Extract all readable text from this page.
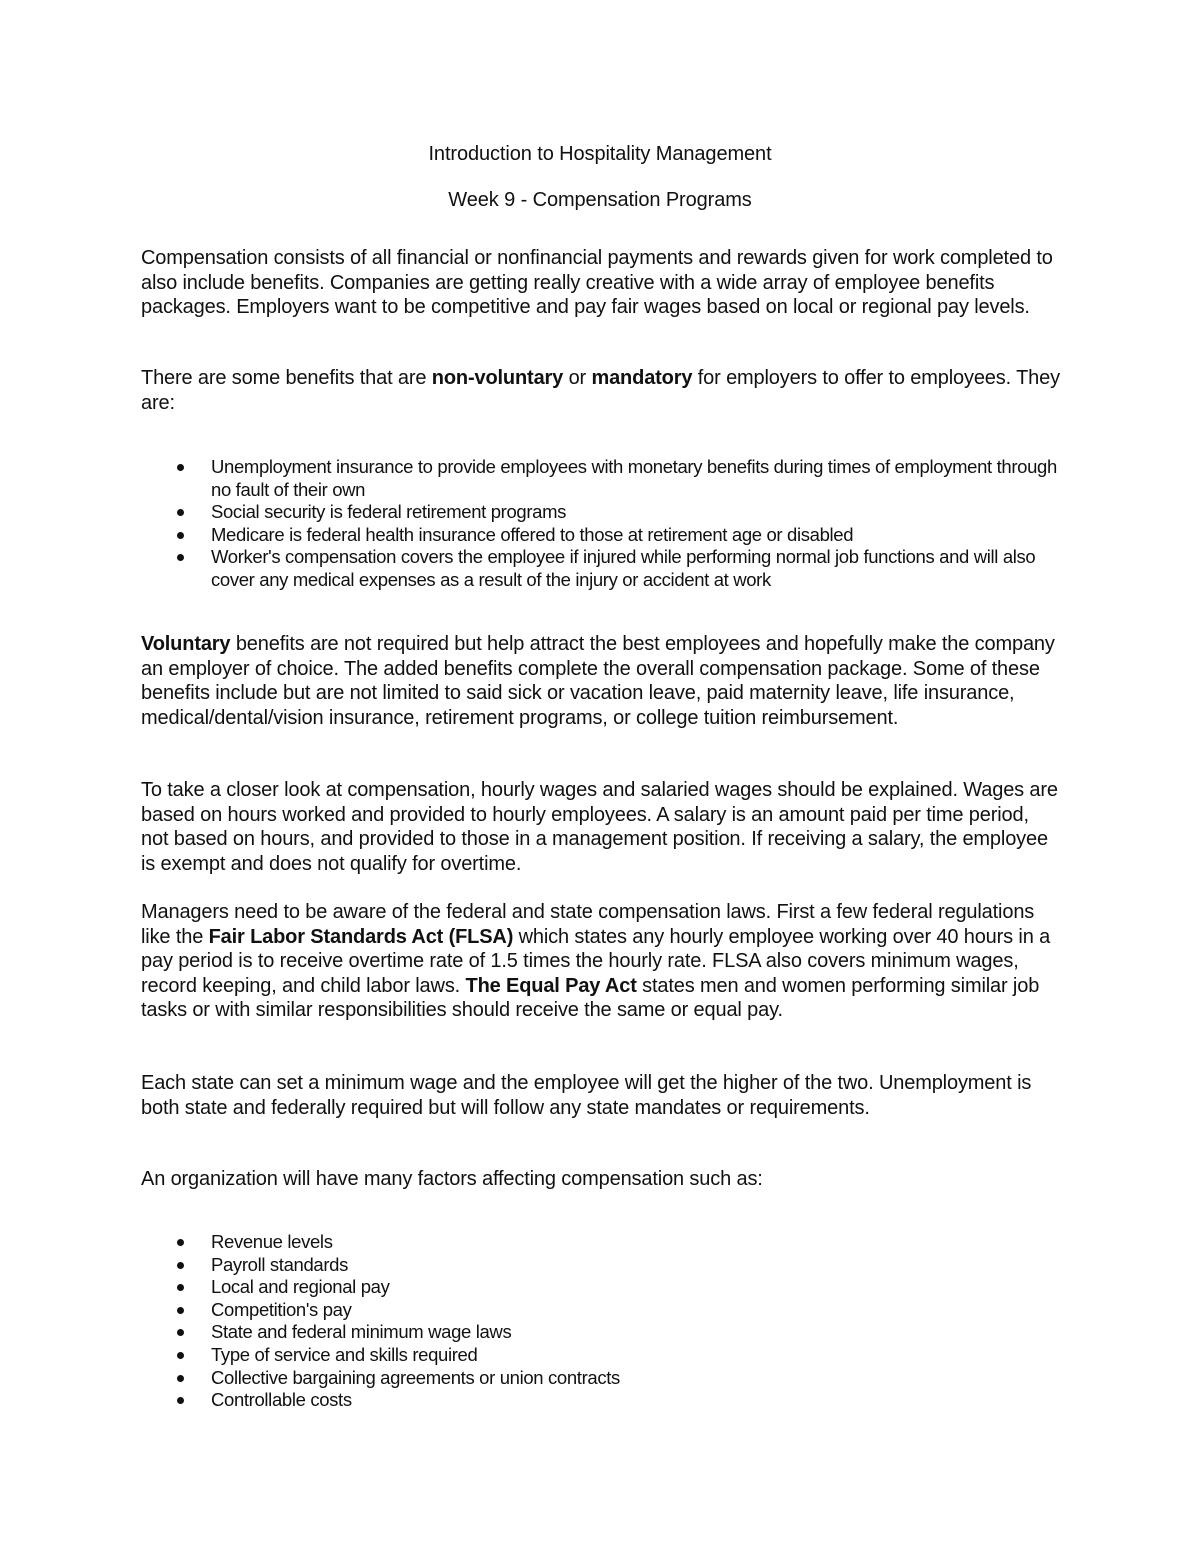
Introduction to Hospitality Management
Week 9 - Compensation Programs

Compensation consists of all financial or nonfinancial payments and rewards given for work completed to also include benefits. Companies are getting really creative with a wide array of employee benefits packages. Employers want to be competitive and pay fair wages based on local or regional pay levels.

There are some benefits that are non-voluntary or mandatory for employers to offer to employees. They are:

Unemployment insurance to provide employees with monetary benefits during times of employment through no fault of their own
Social security is federal retirement programs
Medicare is federal health insurance offered to those at retirement age or disabled
Worker's compensation covers the employee if injured while performing normal job functions and will also cover any medical expenses as a result of the injury or accident at work

Voluntary benefits are not required but help attract the best employees and hopefully make the company an employer of choice. The added benefits complete the overall compensation package. Some of these benefits include but are not limited to said sick or vacation leave, paid maternity leave, life insurance, medical/dental/vision insurance, retirement programs, or college tuition reimbursement.

To take a closer look at compensation, hourly wages and salaried wages should be explained. Wages are based on hours worked and provided to hourly employees. A salary is an amount paid per time period, not based on hours, and provided to those in a management position. If receiving a salary, the employee is exempt and does not qualify for overtime.

Managers need to be aware of the federal and state compensation laws. First a few federal regulations like the Fair Labor Standards Act (FLSA) which states any hourly employee working over 40 hours in a pay period is to receive overtime rate of 1.5 times the hourly rate. FLSA also covers minimum wages, record keeping, and child labor laws. The Equal Pay Act states men and women performing similar job tasks or with similar responsibilities should receive the same or equal pay.

Each state can set a minimum wage and the employee will get the higher of the two. Unemployment is both state and federally required but will follow any state mandates or requirements.

An organization will have many factors affecting compensation such as:

Revenue levels
Payroll standards
Local and regional pay
Competition's pay
State and federal minimum wage laws
Type of service and skills required
Collective bargaining agreements or union contracts
Controllable costs
